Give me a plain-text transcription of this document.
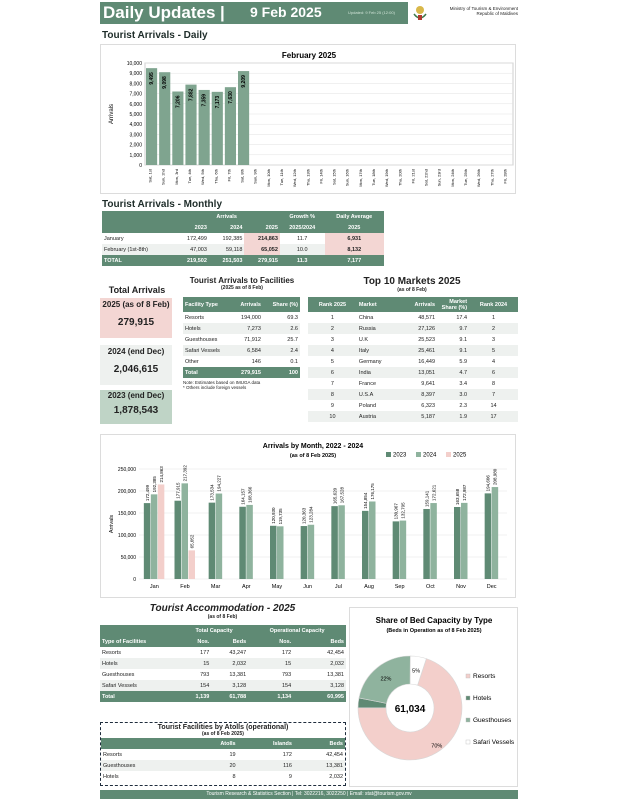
Daily Updates | 9 Feb 2025	Updated: 9 Feb 25 (12:00)
Ministry of Tourism & Environment
Republic of Maldives
Tourist Arrivals - Daily
February 2025
0
1,000
2,000
3,000
4,000
5,000
6,000
7,000
8,000
9,000
10,000
Arrivals
Sat, 1st
9,495
Sun, 2nd
9,098
Mon, 3rd
7,206
Tue, 4th
7,882
Wed, 5th
7,359
Thu, 6th
7,173
Fri, 7th
7,630
Sat, 8th
9,209
Sun, 9th Mon, 10th Tue, 11th Wed, 12th Thu, 13th Fri, 14th Sat, 15th Sun, 16th Mon, 17th Tue, 18th Wed, 19th Thu, 20th Fri, 21st Sat, 22nd Sun, 23rd Mon, 24th Tue, 25th Wed, 26th Thu, 27th Fri, 28th
Tourist Arrivals - Monthly
	Arrivals			Growth %	Daily Average
	2023	2024	2025	2025/2024	2025
January	172,499	192,385	214,863	11.7	6,931
February (1st-8th)	47,003	59,118	65,052	10.0	8,132
TOTAL	219,502	251,503	279,915	11.3	7,177
Total Arrivals
2025 (as of 8 Feb)
279,915
2024 (end Dec)
2,046,615
2023 (end Dec)
1,878,543
Tourist Arrivals to Facilities
(2025 as of 8 Feb)
Facility Type	Arrivals	Share (%)
Resorts	194,000	69.3
Hotels	7,273	2.6
Guesthouses	71,912	25.7
Safari Vessels	6,584	2.4
Other	146	0.1
Total	279,915	100
Note: Estimates based on IMUGA data
* Others include foreign vessels
Top 10 Markets 2025
(as of 8 Feb)
Rank 2025	Market	Arrivals	Market Share (%)	Rank 2024
1	China	48,571	17.4	1
2	Russia	27,126	9.7	2
3	U.K	25,523	9.1	3
4	Italy	25,461	9.1	5
5	Germany	16,449	5.9	4
6	India	13,051	4.7	6
7	France	9,641	3.4	8
8	U.S.A	8,397	3.0	7
9	Poland	6,323	2.3	14
10	Austria	5,187	1.9	17
Arrivals by Month, 2022 - 2024
(as of 8 Feb 2025)	2023	2024	2025
0
50,000
100,000
150,000
200,000
250,000
Arrivals
Jan
172,499
192,385
214,863
Feb
177,915
217,392
65,052
Mar
173,534
194,227
Apr
164,157 168,366
May
120,930 119,735
Jun
120,363 123,284
Jul
165,620 167,528
Aug
154,854
176,175
Sep
130,967 132,795
Oct
159,141 172,621
Nov
163,658 172,987
Dec
194,606 208,980
Tourist Accommodation - 2025
(as of 8 Feb)
	Total Capacity		Operational Capacity	
Type of Facilities	Nos.	Beds	Nos.	Beds
Resorts	177	43,247	172	42,454
Hotels	15	2,032	15	2,032
Guesthouses	793	13,381	793	13,381
Safari Vessels	154	3,128	154	3,128
Total	1,139	61,788	1,134	60,995
Tourist Facilities by Atolls (operational)
(as of 8 Feb 2025)
	Atolls	Islands	Beds
Resorts	19	172	42,454
Guesthouses	20	116	13,381
Hotels	8	9	2,032
Share of Bed Capacity by Type
(Beds in Operation as of 8 Feb 2025)
70%
22%
5%
61,034
Resorts
Hotels
Guesthouses
Safari Vessels
Tourism Research & Statistics Section | Tel: 3022216, 3022250 | Email: stat@tourism.gov.mv
